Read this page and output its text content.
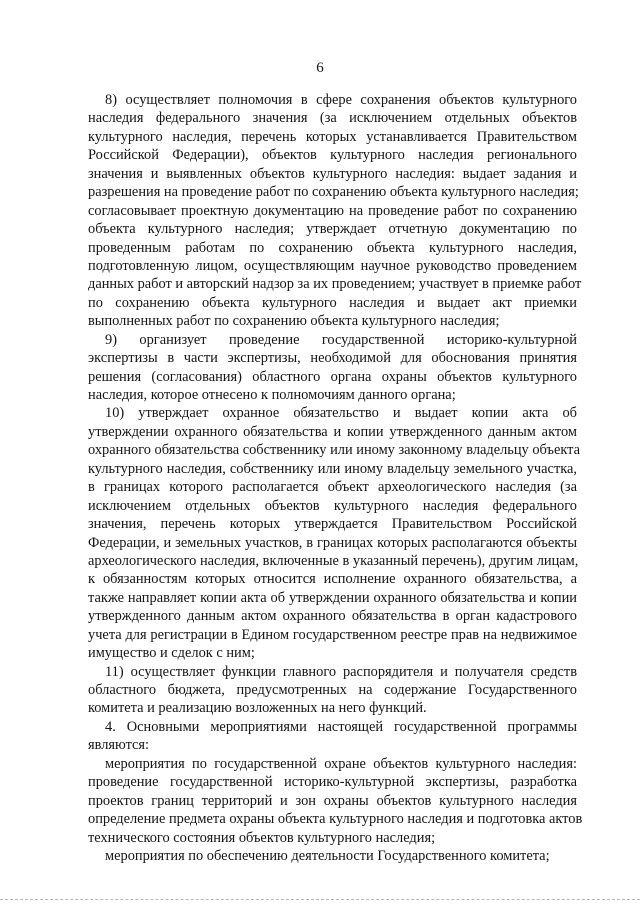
6
8) осуществляет полномочия в сфере сохранения объектов культурного
наследия федерального значения (за исключением отдельных объектов
культурного наследия, перечень которых устанавливается Правительством
Российской Федерации), объектов культурного наследия регионального
значения и выявленных объектов культурного наследия: выдает задания и
разрешения на проведение работ по сохранению объекта культурного наследия;
согласовывает проектную документацию на проведение работ по сохранению
объекта культурного наследия; утверждает отчетную документацию по
проведенным работам по сохранению объекта культурного наследия,
подготовленную лицом, осуществляющим научное руководство проведением
данных работ и авторский надзор за их проведением; участвует в приемке работ
по сохранению объекта культурного наследия и выдает акт приемки
выполненных работ по сохранению объекта культурного наследия;
9) организует проведение государственной историко-культурной
экспертизы в части экспертизы, необходимой для обоснования принятия
решения (согласования) областного органа охраны объектов культурного
наследия, которое отнесено к полномочиям данного органа;
10) утверждает охранное обязательство и выдает копии акта об
утверждении охранного обязательства и копии утвержденного данным актом
охранного обязательства собственнику или иному законному владельцу объекта
культурного наследия, собственнику или иному владельцу земельного участка,
в границах которого располагается объект археологического наследия (за
исключением отдельных объектов культурного наследия федерального
значения, перечень которых утверждается Правительством Российской
Федерации, и земельных участков, в границах которых располагаются объекты
археологического наследия, включенные в указанный перечень), другим лицам,
к обязанностям которых относится исполнение охранного обязательства, а
также направляет копии акта об утверждении охранного обязательства и копии
утвержденного данным актом охранного обязательства в орган кадастрового
учета для регистрации в Едином государственном реестре прав на недвижимое
имущество и сделок с ним;
11) осуществляет функции главного распорядителя и получателя средств
областного бюджета, предусмотренных на содержание Государственного
комитета и реализацию возложенных на него функций.
4. Основными мероприятиями настоящей государственной программы
являются:
мероприятия по государственной охране объектов культурного наследия:
проведение государственной историко-культурной экспертизы, разработка
проектов границ территорий и зон охраны объектов культурного наследия
определение предмета охраны объекта культурного наследия и подготовка актов
технического состояния объектов культурного наследия;
мероприятия по обеспечению деятельности Государственного комитета;
